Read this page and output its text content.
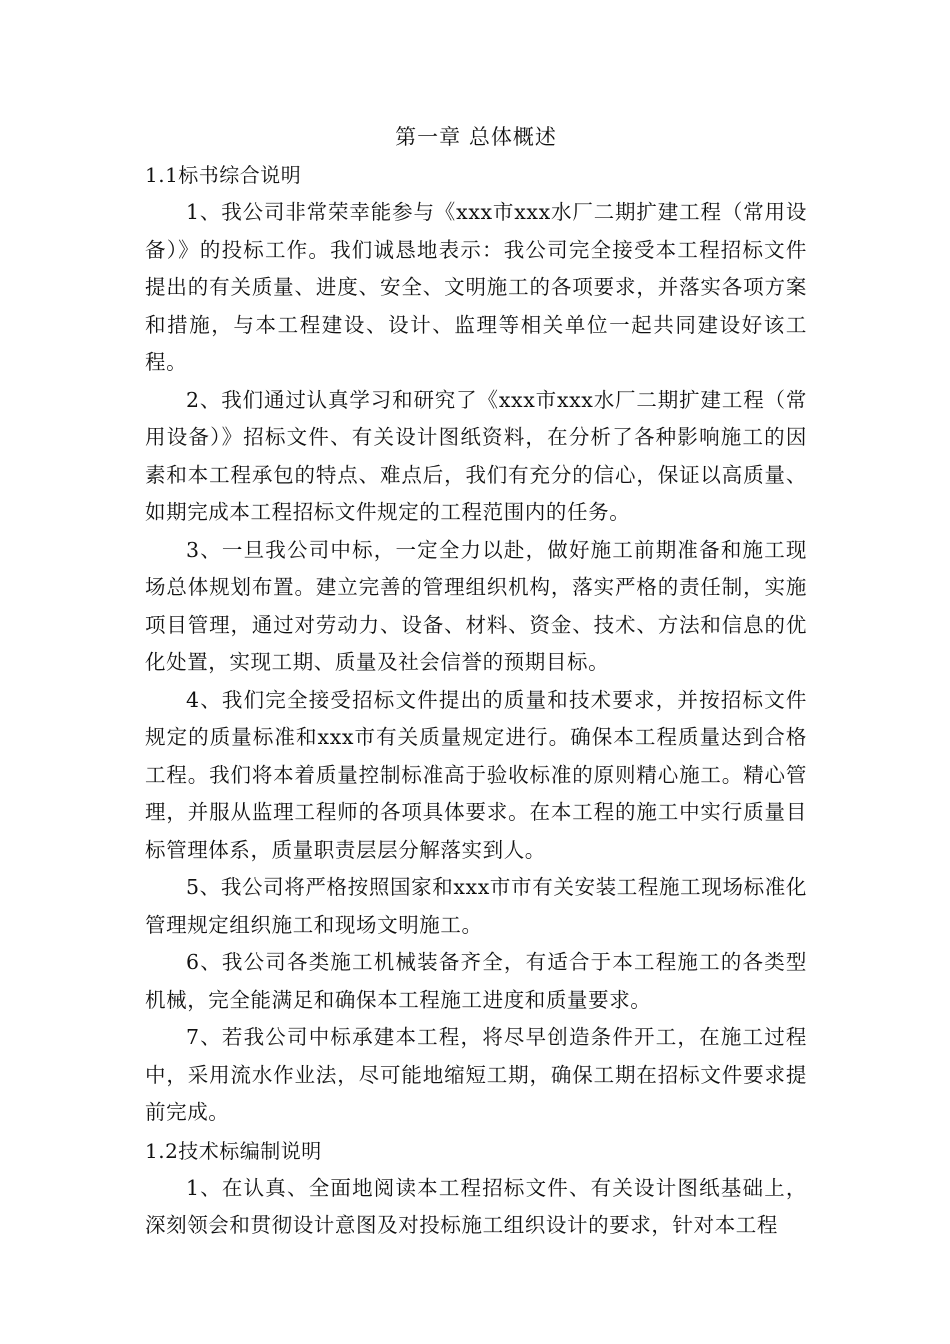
第一章 总体概述
1.1标书综合说明

1、我公司非常荣幸能参与《xxx市xxx水厂二期扩建工程（常用设备）》的投标工作。我们诚恳地表示：我公司完全接受本工程招标文件提出的有关质量、进度、安全、文明施工的各项要求，并落实各项方案和措施，与本工程建设、设计、监理等相关单位一起共同建设好该工程。

2、我们通过认真学习和研究了《xxx市xxx水厂二期扩建工程（常用设备）》招标文件、有关设计图纸资料，在分析了各种影响施工的因素和本工程承包的特点、难点后，我们有充分的信心，保证以高质量、如期完成本工程招标文件规定的工程范围内的任务。

3、一旦我公司中标，一定全力以赴，做好施工前期准备和施工现场总体规划布置。建立完善的管理组织机构，落实严格的责任制，实施项目管理，通过对劳动力、设备、材料、资金、技术、方法和信息的优化处置，实现工期、质量及社会信誉的预期目标。

4、我们完全接受招标文件提出的质量和技术要求，并按招标文件规定的质量标准和xxx市有关质量规定进行。确保本工程质量达到合格工程。我们将本着质量控制标准高于验收标准的原则精心施工。精心管理，并服从监理工程师的各项具体要求。在本工程的施工中实行质量目标管理体系，质量职责层层分解落实到人。

5、我公司将严格按照国家和xxx市市有关安装工程施工现场标准化管理规定组织施工和现场文明施工。

6、我公司各类施工机械装备齐全，有适合于本工程施工的各类型机械，完全能满足和确保本工程施工进度和质量要求。

7、若我公司中标承建本工程，将尽早创造条件开工，在施工过程中，采用流水作业法，尽可能地缩短工期，确保工期在招标文件要求提前完成。

1.2技术标编制说明

1、在认真、全面地阅读本工程招标文件、有关设计图纸基础上，深刻领会和贯彻设计意图及对投标施工组织设计的要求，针对本工程
